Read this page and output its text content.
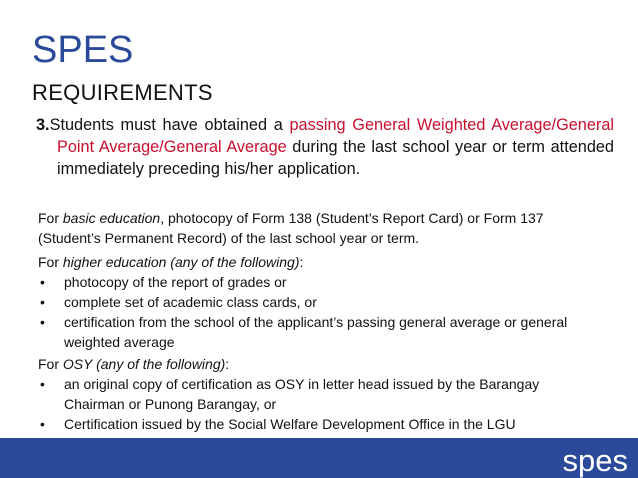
SPES
REQUIREMENTS

3.Students must have obtained a passing General Weighted Average/General Point Average/General Average during the last school year or term attended immediately preceding his/her application.

For basic education, photocopy of Form 138 (Student’s Report Card) or Form 137 (Student’s Permanent Record) of the last school year or term.

For higher education (any of the following):

• photocopy of the report of grades or
• complete set of academic class cards, or
• certification from the school of the applicant’s passing general average or general weighted average

For OSY (any of the following):

• an original copy of certification as OSY in letter head issued by the Barangay Chairman or Punong Barangay, or
• Certification issued by the Social Welfare Development Office in the LGU
spes
